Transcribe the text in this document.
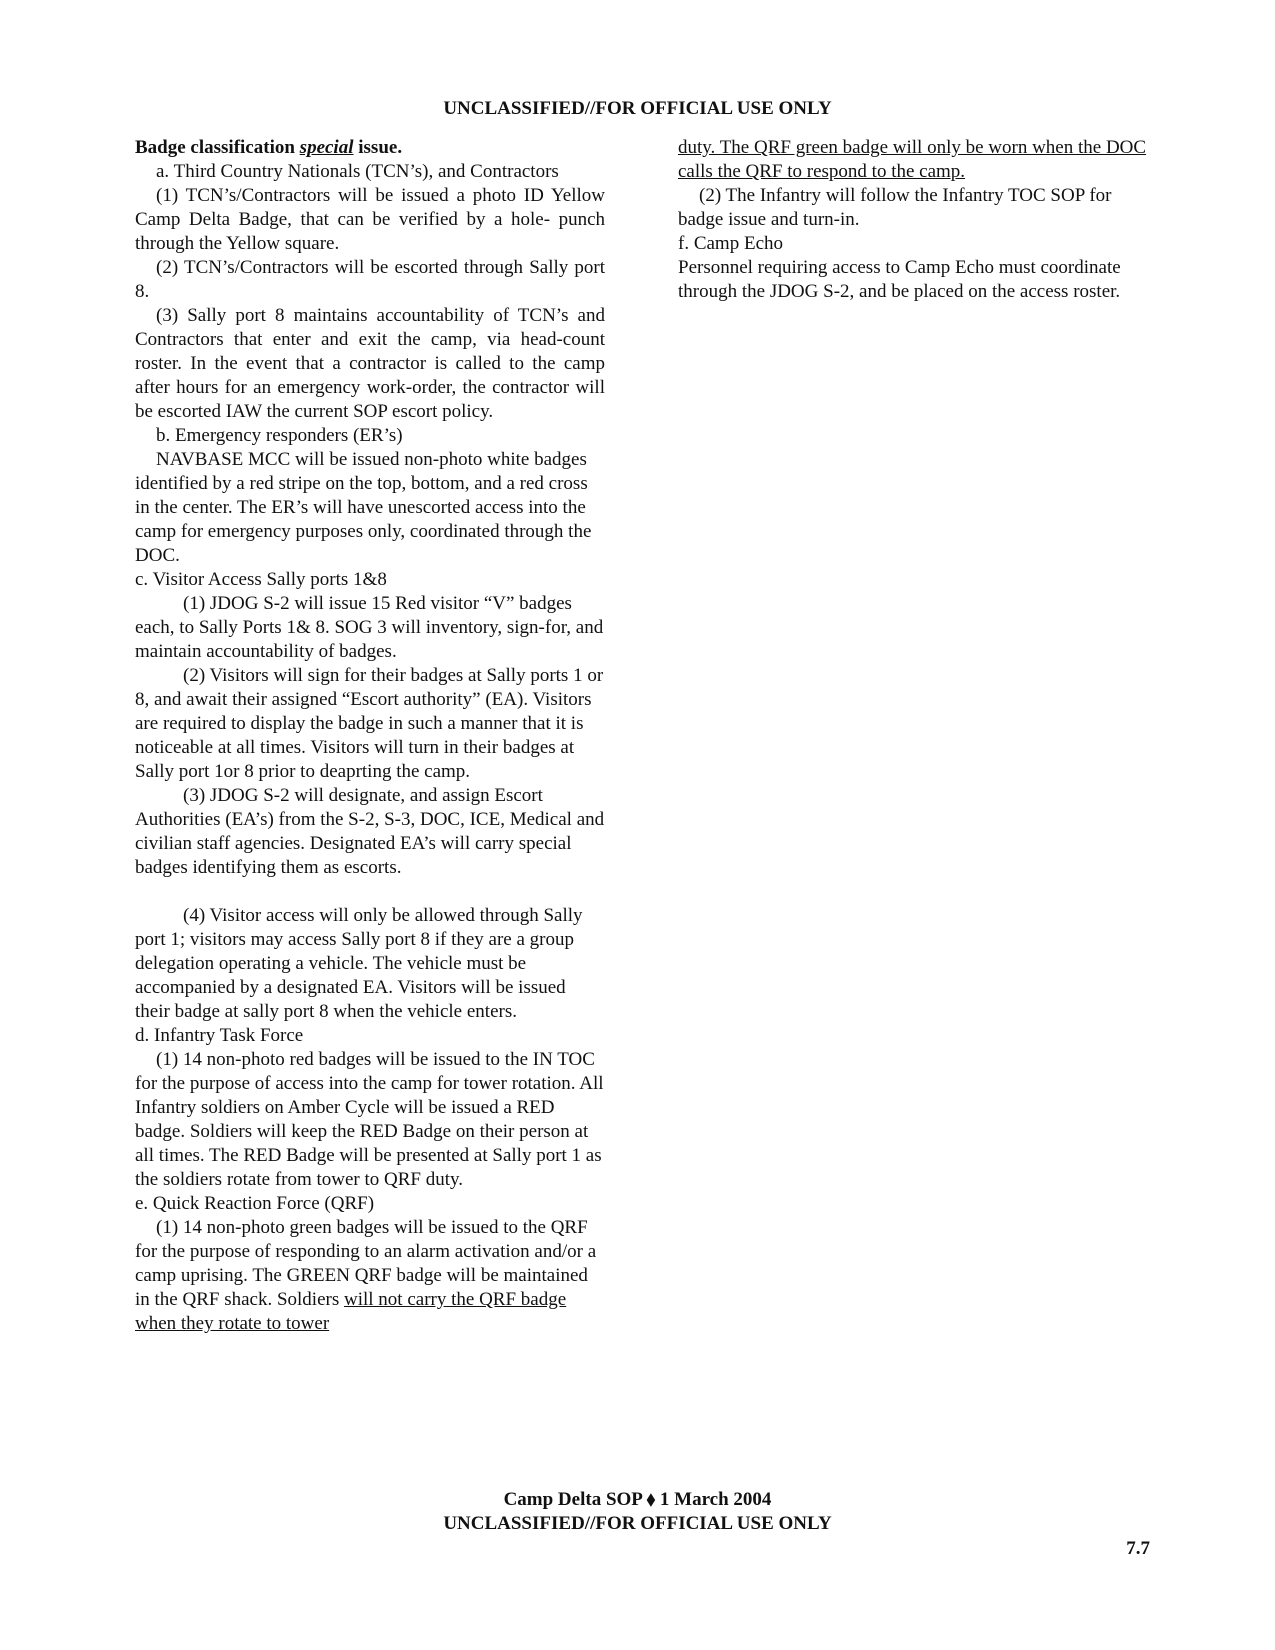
UNCLASSIFIED//FOR OFFICIAL USE ONLY

Badge classification special issue.

a. Third Country Nationals (TCN’s), and Contractors

(1) TCN’s/Contractors will be issued a photo ID Yellow Camp Delta Badge, that can be verified by a hole- punch through the Yellow square.

(2) TCN’s/Contractors will be escorted through Sally port 8.

(3) Sally port 8 maintains accountability of TCN’s and Contractors that enter and exit the camp, via head-count roster. In the event that a contractor is called to the camp after hours for an emergency work-order, the contractor will be escorted IAW the current SOP escort policy.

b. Emergency responders (ER’s)

NAVBASE MCC will be issued non-photo white badges identified by a red stripe on the top, bottom, and a red cross in the center. The ER’s will have unescorted access into the camp for emergency purposes only, coordinated through the DOC.

c. Visitor Access Sally ports 1&8

(1) JDOG S-2 will issue 15 Red visitor “V” badges each, to Sally Ports 1& 8. SOG 3 will inventory, sign-for, and maintain accountability of badges.

(2) Visitors will sign for their badges at Sally ports 1 or 8, and await their assigned “Escort authority” (EA). Visitors are required to display the badge in such a manner that it is noticeable at all times. Visitors will turn in their badges at Sally port 1or 8 prior to deaprting the camp.

(3) JDOG S-2 will designate, and assign Escort Authorities (EA’s) from the S-2, S-3, DOC, ICE, Medical and civilian staff agencies. Designated EA’s will carry special badges identifying them as escorts.

(4) Visitor access will only be allowed through Sally port 1; visitors may access Sally port 8 if they are a group delegation operating a vehicle. The vehicle must be accompanied by a designated EA. Visitors will be issued their badge at sally port 8 when the vehicle enters.

d. Infantry Task Force

(1) 14 non-photo red badges will be issued to the IN TOC for the purpose of access into the camp for tower rotation. All Infantry soldiers on Amber Cycle will be issued a RED badge. Soldiers will keep the RED Badge on their person at all times. The RED Badge will be presented at Sally port 1 as the soldiers rotate from tower to QRF duty.

e. Quick Reaction Force (QRF)

(1) 14 non-photo green badges will be issued to the QRF for the purpose of responding to an alarm activation and/or a camp uprising. The GREEN QRF badge will be maintained in the QRF shack. Soldiers will not carry the QRF badge when they rotate to tower

duty. The QRF green badge will only be worn when the DOC calls the QRF to respond to the camp.

(2) The Infantry will follow the Infantry TOC SOP for badge issue and turn-in.

f. Camp Echo

Personnel requiring access to Camp Echo must coordinate through the JDOG S-2, and be placed on the access roster.

Camp Delta SOP ⬧ 1 March 2004
UNCLASSIFIED//FOR OFFICIAL USE ONLY
7.7
